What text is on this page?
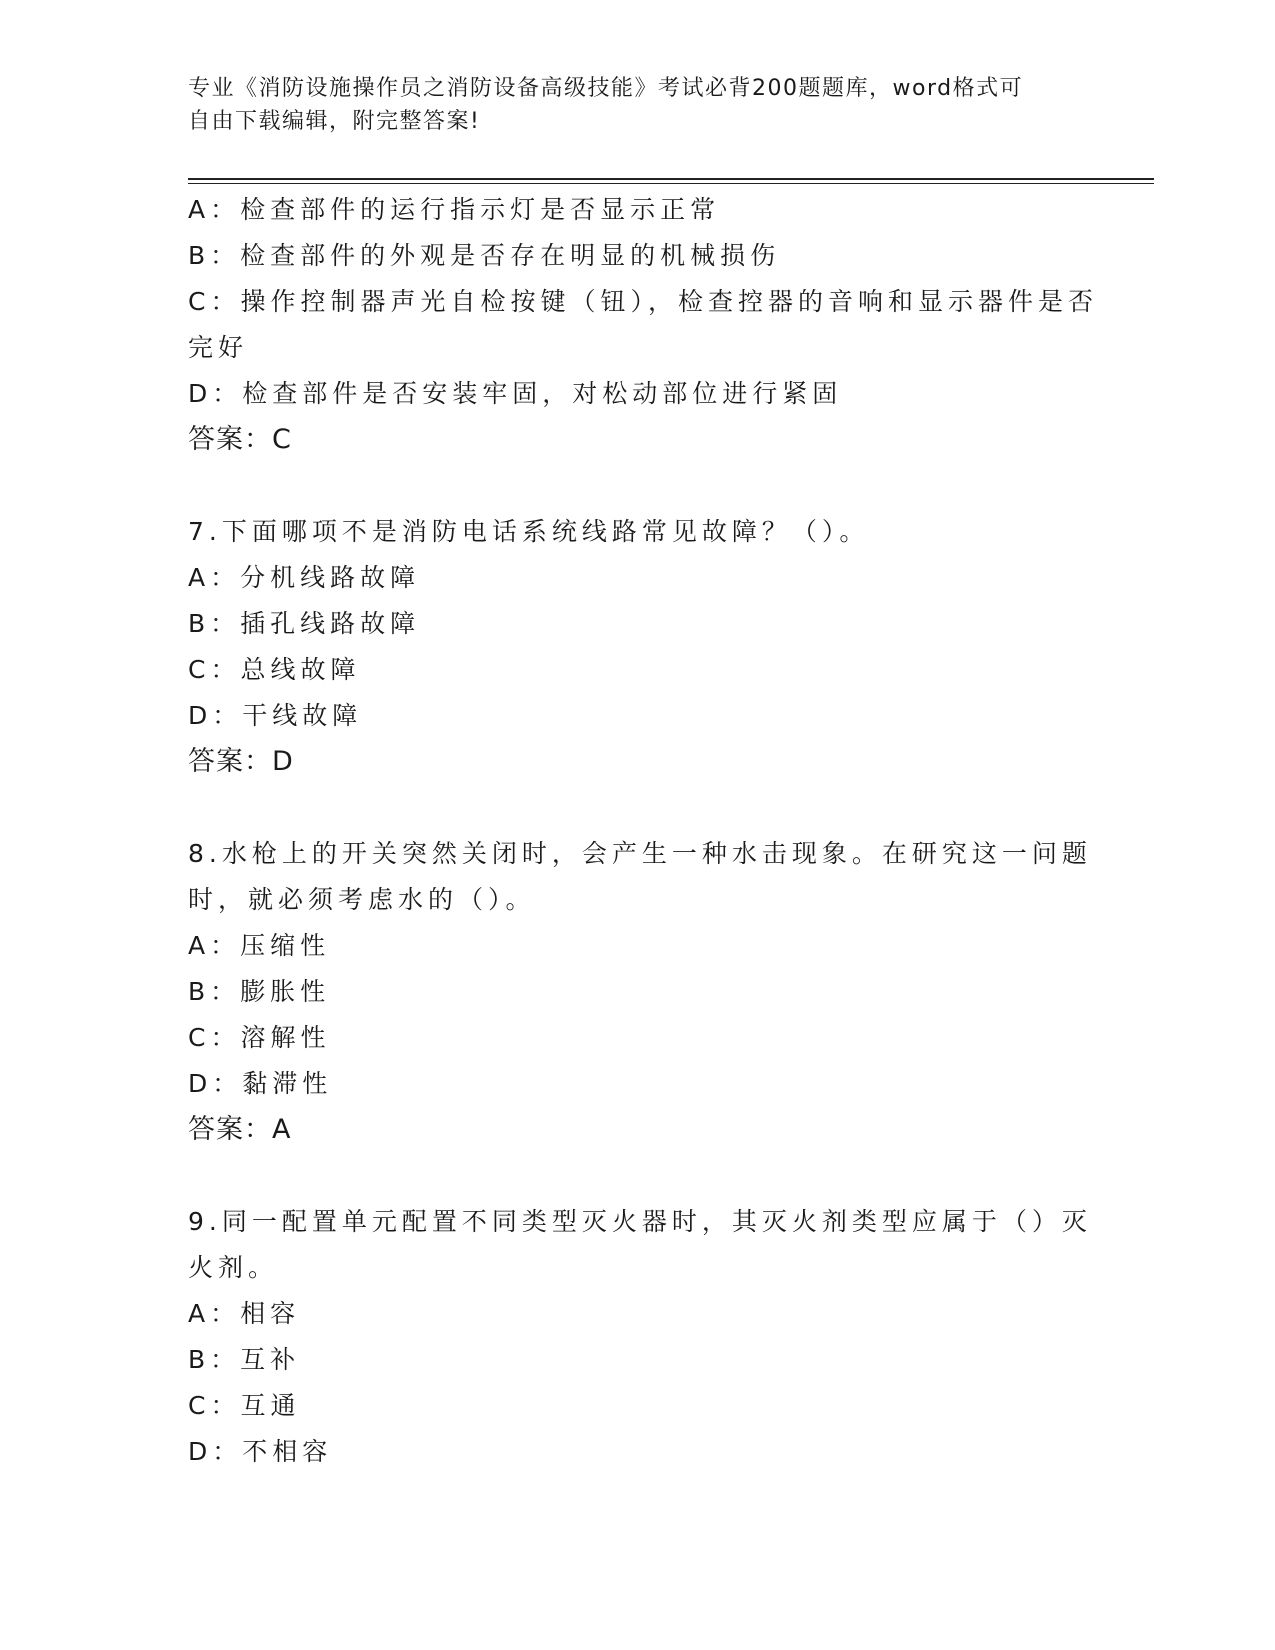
专业《消防设施操作员之消防设备高级技能》考试必背200题题库，word格式可
自由下载编辑，附完整答案!
A：检查部件的运行指示灯是否显示正常
B：检查部件的外观是否存在明显的机械损伤
C：操作控制器声光自检按键（钮），检查控器的音响和显示器件是否
完好
D：检查部件是否安装牢固，对松动部位进行紧固
答案：C
7.下面哪项不是消防电话系统线路常见故障？（）。
A：分机线路故障
B：插孔线路故障
C：总线故障
D：干线故障
答案：D
8.水枪上的开关突然关闭时，会产生一种水击现象。在研究这一问题
时，就必须考虑水的（）。
A：压缩性
B：膨胀性
C：溶解性
D：黏滞性
答案：A
9.同一配置单元配置不同类型灭火器时，其灭火剂类型应属于（）灭
火剂。
A：相容
B：互补
C：互通
D：不相容
